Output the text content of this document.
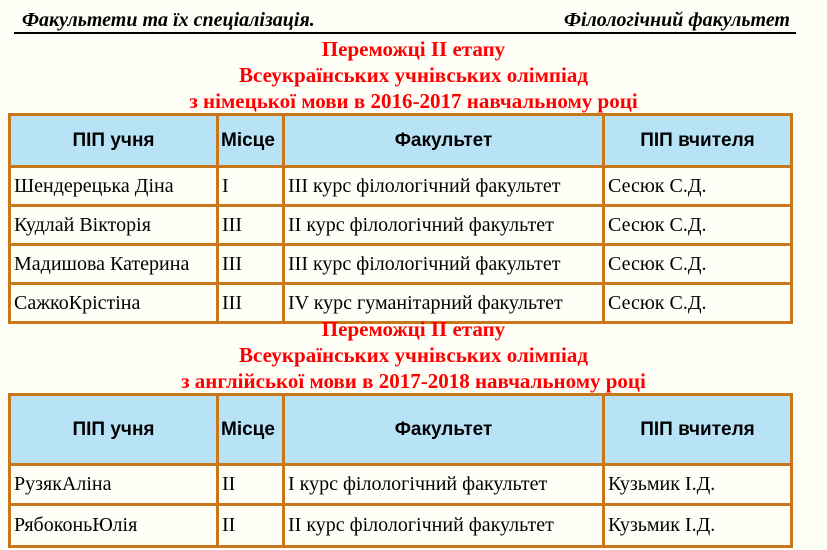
Факультети та їх спеціалізація.	Філологічний факультет
Переможці ІІ етапу
Всеукраїнських учнівських олімпіад
з німецької мови в 2016-2017 навчальному році
ПІП учня	Місце	Факультет	ПІП вчителя
Шендерецька Діна	І	ІІІ курс філологічний факультет	Сесюк С.Д.
Кудлай Вікторія	ІІІ	ІІ курс філологічний факультет	Сесюк С.Д.
Мадишова Катерина	ІІІ	ІІІ курс філологічний факультет	Сесюк С.Д.
СажкоКрістіна	ІІІ	ІV курс гуманітарний факультет	Сесюк С.Д.
Переможці ІІ етапу
Всеукраїнських учнівських олімпіад
з англійської мови в 2017-2018 навчальному році
ПІП учня	Місце	Факультет	ПІП вчителя
РузякАліна	ІІ	І курс філологічний факультет	Кузьмик І.Д.
РябоконьЮлія	ІІ	ІІ курс філологічний факультет	Кузьмик І.Д.
